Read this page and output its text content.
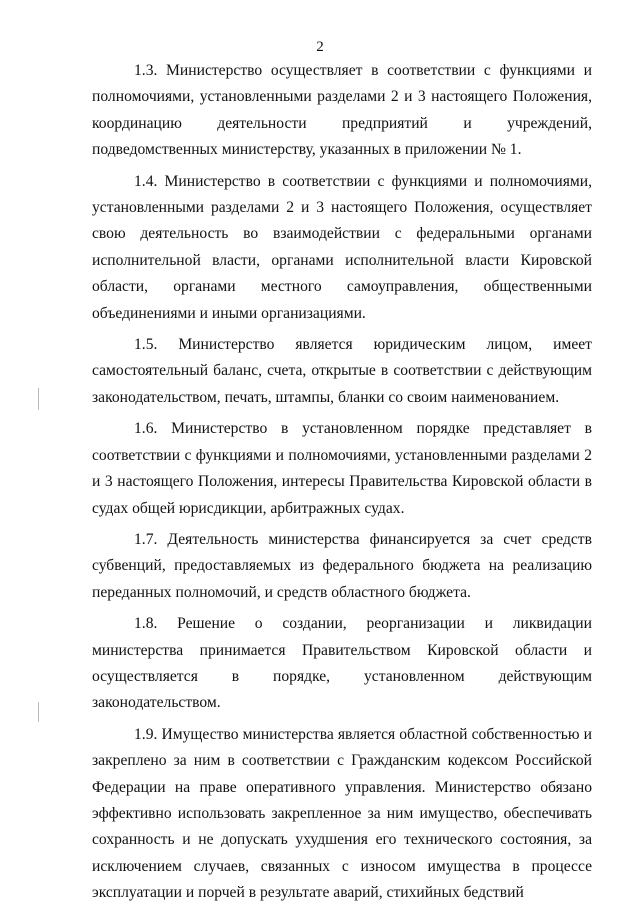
2

1.3. Министерство осуществляет в соответствии с функциями и полномочиями, установленными разделами 2 и 3 настоящего Положения, координацию деятельности предприятий и учреждений, подведомственных министерству, указанных в приложении № 1.

1.4. Министерство в соответствии с функциями и полномочиями, установленными разделами 2 и 3 настоящего Положения, осуществляет свою деятельность во взаимодействии с федеральными органами исполнительной власти, органами исполнительной власти Кировской области, органами местного самоуправления, общественными объединениями и иными организациями.

1.5. Министерство является юридическим лицом, имеет самостоятельный баланс, счета, открытые в соответствии с действующим законодательством, печать, штампы, бланки со своим наименованием.

1.6. Министерство в установленном порядке представляет в соответствии с функциями и полномочиями, установленными разделами 2 и 3 настоящего Положения, интересы Правительства Кировской области в судах общей юрисдикции, арбитражных судах.

1.7. Деятельность министерства финансируется за счет средств субвенций, предоставляемых из федерального бюджета на реализацию переданных полномочий, и средств областного бюджета.

1.8. Решение о создании, реорганизации и ликвидации министерства принимается Правительством Кировской области и осуществляется в порядке, установленном действующим законодательством.

1.9. Имущество министерства является областной собственностью и закреплено за ним в соответствии с Гражданским кодексом Российской Федерации на праве оперативного управления. Министерство обязано эффективно использовать закрепленное за ним имущество, обеспечивать сохранность и не допускать ухудшения его технического состояния, за исключением случаев, связанных с износом имущества в процессе эксплуатации и порчей в результате аварий, стихийных бедствий
